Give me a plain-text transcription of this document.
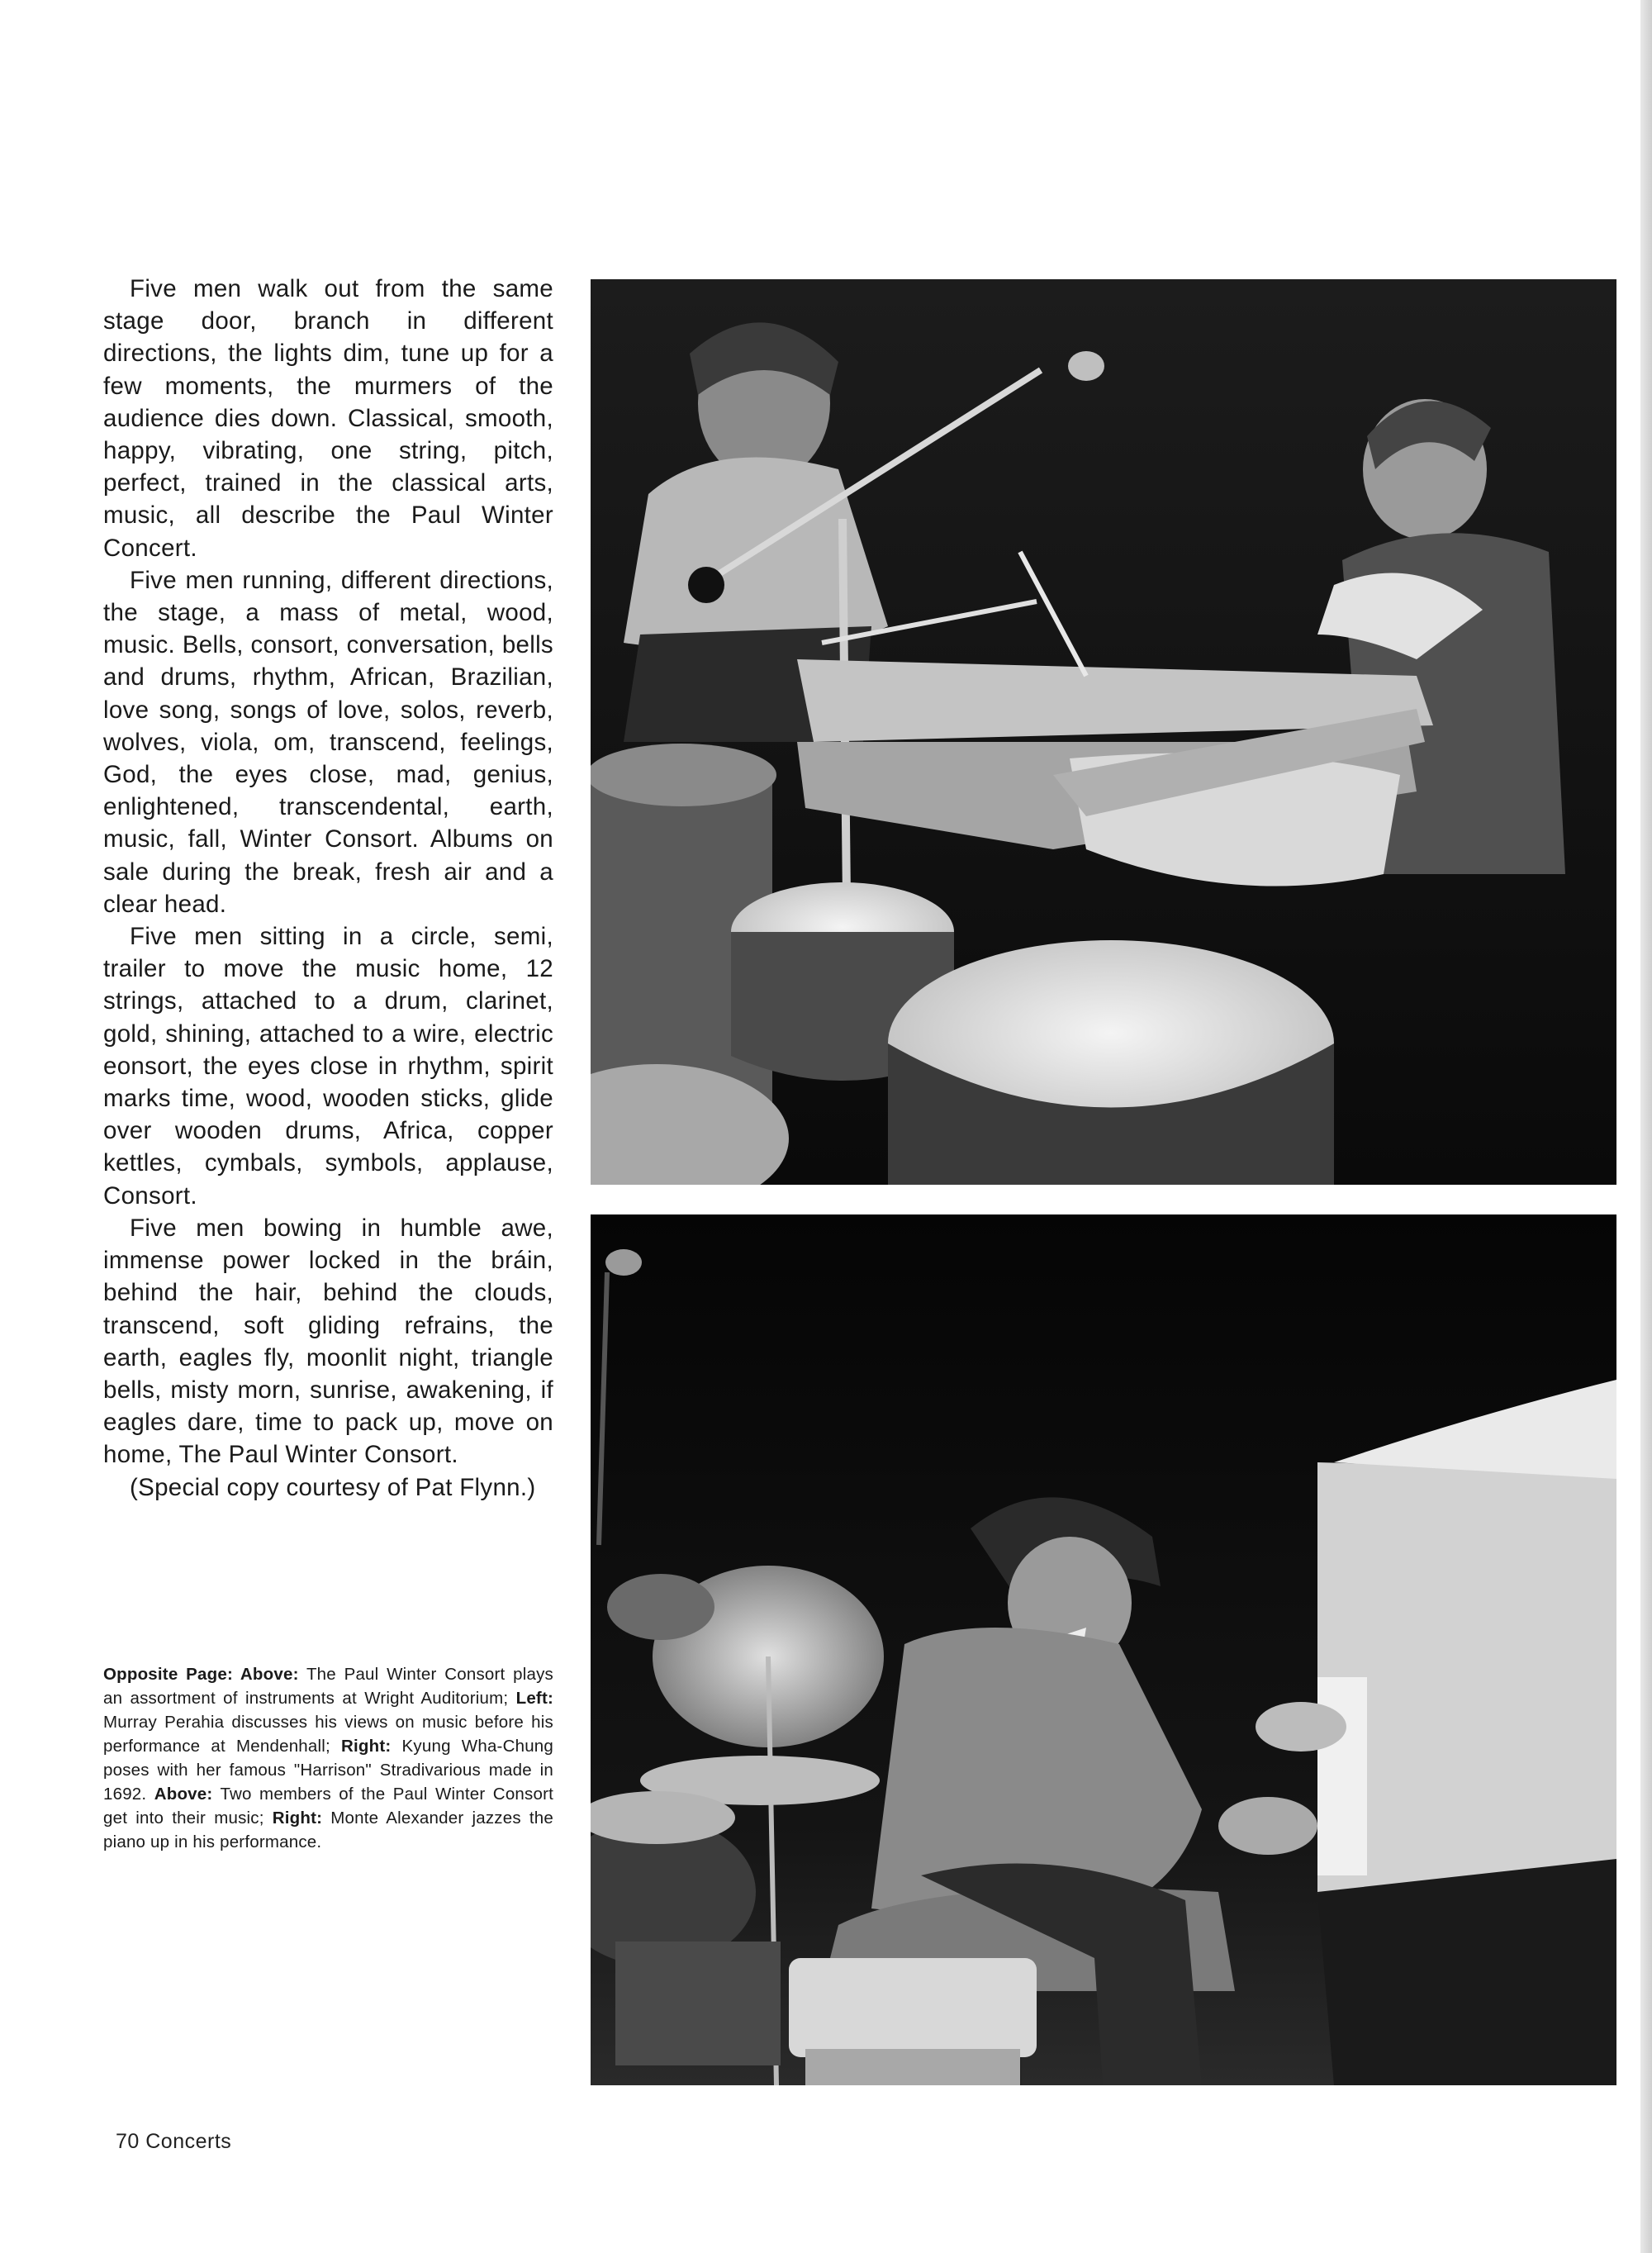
Five men walk out from the same stage door, branch in different directions, the lights dim, tune up for a few moments, the murmers of the audience dies down. Classical, smooth, happy, vibrating, one string, pitch, perfect, trained in the classical arts, music, all describe the Paul Winter Concert.

Five men running, different directions, the stage, a mass of metal, wood, music. Bells, consort, conversation, bells and drums, rhythm, African, Brazilian, love song, songs of love, solos, reverb, wolves, viola, om, transcend, feelings, God, the eyes close, mad, genius, enlightened, transcendental, earth, music, fall, Winter Consort. Albums on sale during the break, fresh air and a clear head.

Five men sitting in a circle, semi, trailer to move the music home, 12 strings, attached to a drum, clarinet, gold, shining, attached to a wire, electric eonsort, the eyes close in rhythm, spirit marks time, wood, wooden sticks, glide over wooden drums, Africa, copper kettles, cymbals, symbols, applause, Consort.

Five men bowing in humble awe, immense power locked in the bráin, behind the hair, behind the clouds, transcend, soft gliding refrains, the earth, eagles fly, moonlit night, triangle bells, misty morn, sunrise, awakening, if eagles dare, time to pack up, move on home, The Paul Winter Consort.

(Special copy courtesy of Pat Flynn.)

Opposite Page: Above: The Paul Winter Consort plays an assortment of instruments at Wright Auditorium; Left: Murray Perahia discusses his views on music before his performance at Mendenhall; Right: Kyung Wha-Chung poses with her famous "Harrison" Stradivarious made in 1692. Above: Two members of the Paul Winter Consort get into their music; Right: Monte Alexander jazzes the piano up in his performance.
70 Concerts
